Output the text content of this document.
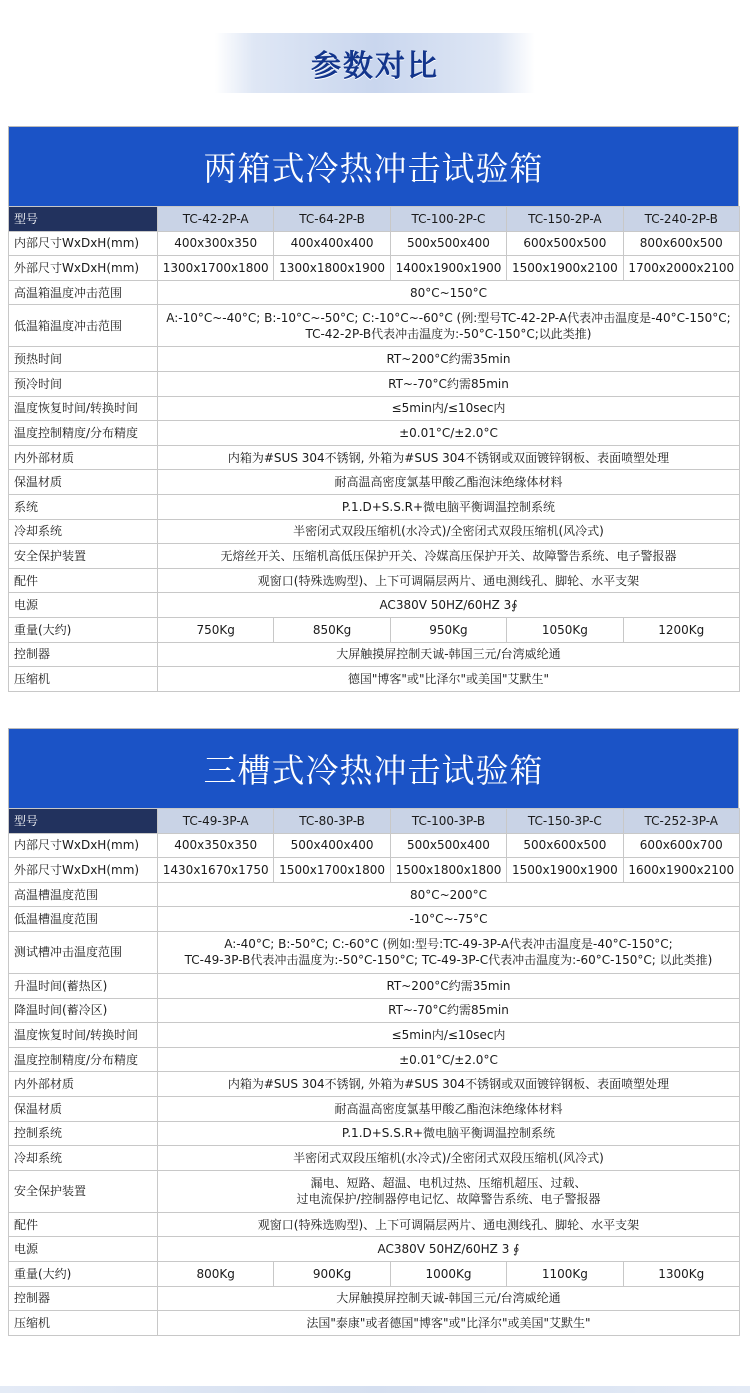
参数对比
两箱式冷热冲击试验箱
型号	TC-42-2P-A	TC-64-2P-B	TC-100-2P-C	TC-150-2P-A	TC-240-2P-B
内部尺寸WxDxH(mm)	400x300x350	400x400x400	500x500x400	600x500x500	800x600x500
外部尺寸WxDxH(mm)	1300x1700x1800	1300x1800x1900	1400x1900x1900	1500x1900x2100	1700x2000x2100
高温箱温度冲击范围	80°C~150°C				
低温箱温度冲击范围	A:-10°C~-40°C; B:-10°C~-50°C; C:-10°C~-60°C (例:型号TC-42-2P-A代表冲击温度是-40°C-150°C;
TC-42-2P-B代表冲击温度为:-50°C-150°C;以此类推)				

预热时间	RT~200°C约需35min				
预冷时间	RT~-70°C约需85min				
温度恢复时间/转换时间	≤5min内/≤10sec内				
温度控制精度/分布精度	±0.01°C/±2.0°C				
内外部材质	内箱为#SUS 304不锈钢, 外箱为#SUS 304不锈钢或双面镀锌钢板、表面喷塑处理				
保温材质	耐高温高密度氯基甲酸乙酯泡沫绝缘体材料				
系统	P.1.D+S.S.R+微电脑平衡调温控制系统				
冷却系统	半密闭式双段压缩机(水冷式)/全密闭式双段压缩机(风冷式)				
安全保护装置	无熔丝开关、压缩机高低压保护开关、冷媒高压保护开关、故障警告系统、电子警报器				
配件	观窗口(特殊选购型)、上下可调隔层两片、通电测线孔、脚轮、水平支架				
电源	AC380V 50HZ/60HZ 3∮				
重量(大约)	750Kg	850Kg	950Kg	1050Kg	1200Kg
控制器	大屏触摸屏控制天诚-韩国三元/台湾威纶通				
压缩机	德国"博客"或"比泽尔"或美国"艾默生"				
三槽式冷热冲击试验箱
型号	TC-49-3P-A	TC-80-3P-B	TC-100-3P-B	TC-150-3P-C	TC-252-3P-A
内部尺寸WxDxH(mm)	400x350x350	500x400x400	500x500x400	500x600x500	600x600x700
外部尺寸WxDxH(mm)	1430x1670x1750	1500x1700x1800	1500x1800x1800	1500x1900x1900	1600x1900x2100
高温槽温度范围	80°C~200°C				
低温槽温度范围	-10°C~-75°C				
测试槽冲击温度范围	A:-40°C; B:-50°C; C:-60°C (例如:型号:TC-49-3P-A代表冲击温度是-40°C-150°C;
TC-49-3P-B代表冲击温度为:-50°C-150°C; TC-49-3P-C代表冲击温度为:-60°C-150°C; 以此类推)				

升温时间(蓄热区)	RT~200°C约需35min				
降温时间(蓄冷区)	RT~-70°C约需85min				
温度恢复时间/转换时间	≤5min内/≤10sec内				
温度控制精度/分布精度	±0.01°C/±2.0°C				
内外部材质	内箱为#SUS 304不锈钢, 外箱为#SUS 304不锈钢或双面镀锌钢板、表面喷塑处理				
保温材质	耐高温高密度氯基甲酸乙酯泡沫绝缘体材料				
控制系统	P.1.D+S.S.R+微电脑平衡调温控制系统				
冷却系统	半密闭式双段压缩机(水冷式)/全密闭式双段压缩机(风冷式)				
安全保护装置	漏电、短路、超温、电机过热、压缩机超压、过载、
过电流保护/控制器停电记忆、故障警告系统、电子警报器				

配件	观窗口(特殊选购型)、上下可调隔层两片、通电测线孔、脚轮、水平支架				
电源	AC380V 50HZ/60HZ 3 ∮				
重量(大约)	800Kg	900Kg	1000Kg	1100Kg	1300Kg
控制器	大屏触摸屏控制天诚-韩国三元/台湾威纶通				
压缩机	法国"泰康"或者德国"博客"或"比泽尔"或美国"艾默生"				
